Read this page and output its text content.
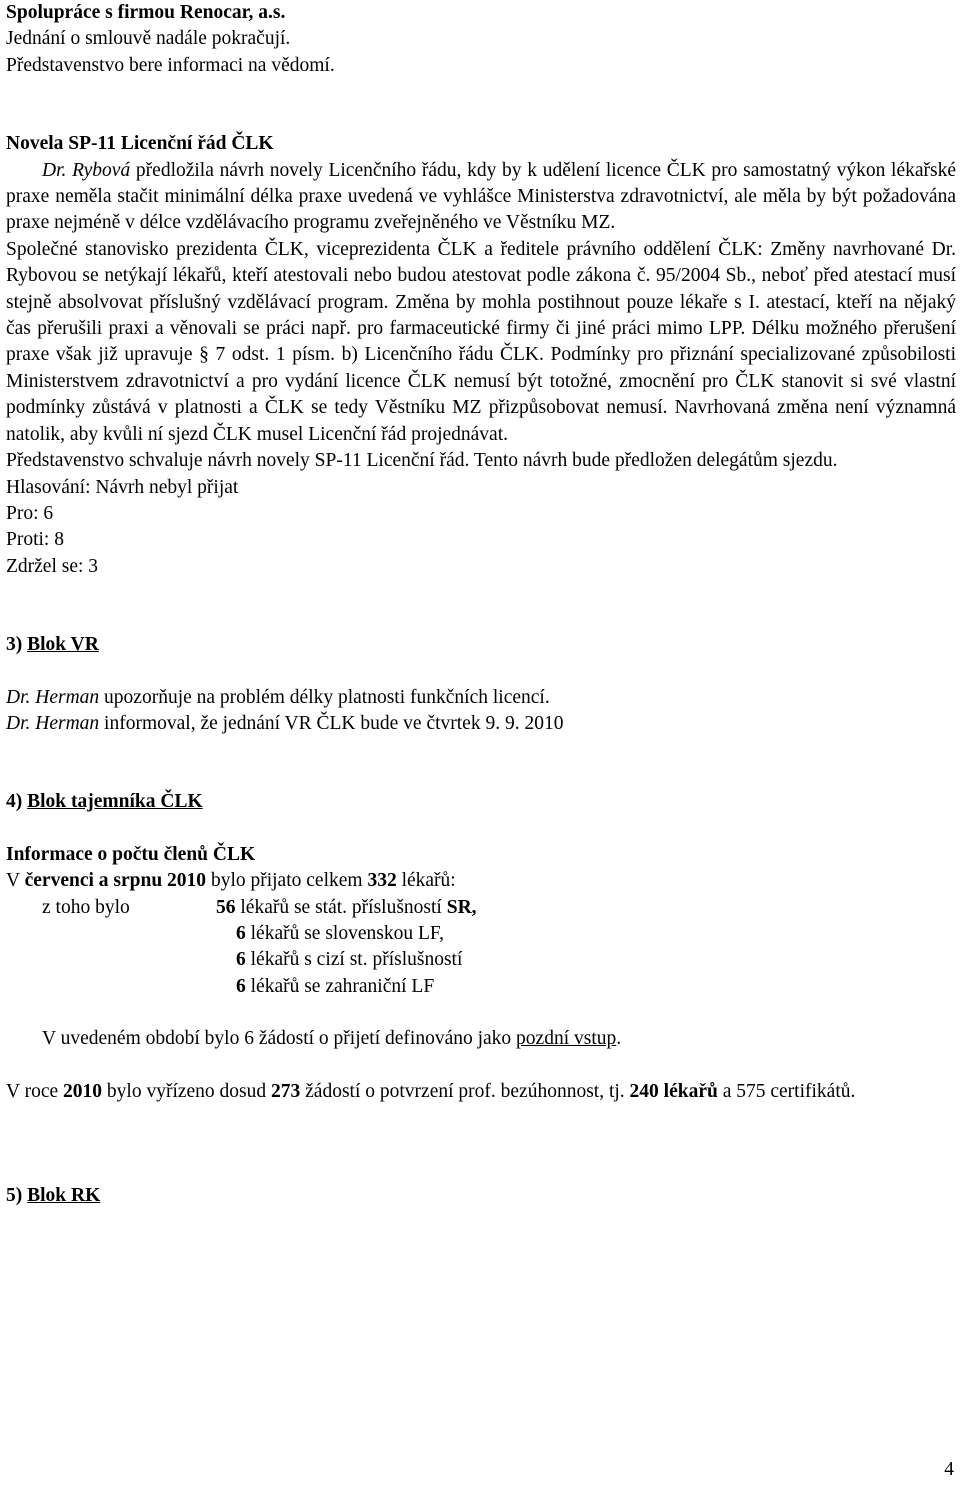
Spolupráce s firmou Renocar, a.s.

Jednání o smlouvě nadále pokračují.

Představenstvo bere informaci na vědomí.

Novela SP-11 Licenční řád ČLK

Dr. Rybová předložila návrh novely Licenčního řádu, kdy by k udělení licence ČLK pro samostatný výkon lékařské praxe neměla stačit minimální délka praxe uvedená ve vyhlášce Ministerstva zdravotnictví, ale měla by být požadována praxe nejméně v délce vzdělávacího programu zveřejněného ve Věstníku MZ.

Společné stanovisko prezidenta ČLK, viceprezidenta ČLK a ředitele právního oddělení ČLK: Změny navrhované Dr. Rybovou se netýkají lékařů, kteří atestovali nebo budou atestovat podle zákona č. 95/2004 Sb., neboť před atestací musí stejně absolvovat příslušný vzdělávací program. Změna by mohla postihnout pouze lékaře s I. atestací, kteří na nějaký čas přerušili praxi a věnovali se práci např. pro farmaceutické firmy či jiné práci mimo LPP. Délku možného přerušení praxe však již upravuje § 7 odst. 1 písm. b) Licenčního řádu ČLK. Podmínky pro přiznání specializované způsobilosti Ministerstvem zdravotnictví a pro vydání licence ČLK nemusí být totožné, zmocnění pro ČLK stanovit si své vlastní podmínky zůstává v platnosti a ČLK se tedy Věstníku MZ přizpůsobovat nemusí. Navrhovaná změna není významná natolik, aby kvůli ní sjezd ČLK musel Licenční řád projednávat.

Představenstvo schvaluje návrh novely SP-11 Licenční řád. Tento návrh bude předložen delegátům sjezdu.

Hlasování: Návrh nebyl přijat

Pro: 6

Proti: 8

Zdržel se: 3

3) Blok VR

Dr. Herman upozorňuje na problém délky platnosti funkčních licencí.

Dr. Herman informoval, že jednání VR ČLK bude ve čtvrtek 9. 9. 2010

4) Blok tajemníka ČLK

Informace o počtu členů ČLK

V červenci a srpnu 2010 bylo přijato celkem 332 lékařů:

z toho bylo	56 lékařů se stát. příslušností SR,

6 lékařů se slovenskou LF,

6 lékařů s cizí st. příslušností

6 lékařů se zahraniční LF

V uvedeném období bylo 6 žádostí o přijetí definováno jako pozdní vstup.

V roce 2010 bylo vyřízeno dosud 273 žádostí o potvrzení prof. bezúhonnost, tj. 240 lékařů a 575 certifikátů.

5) Blok RK

4
